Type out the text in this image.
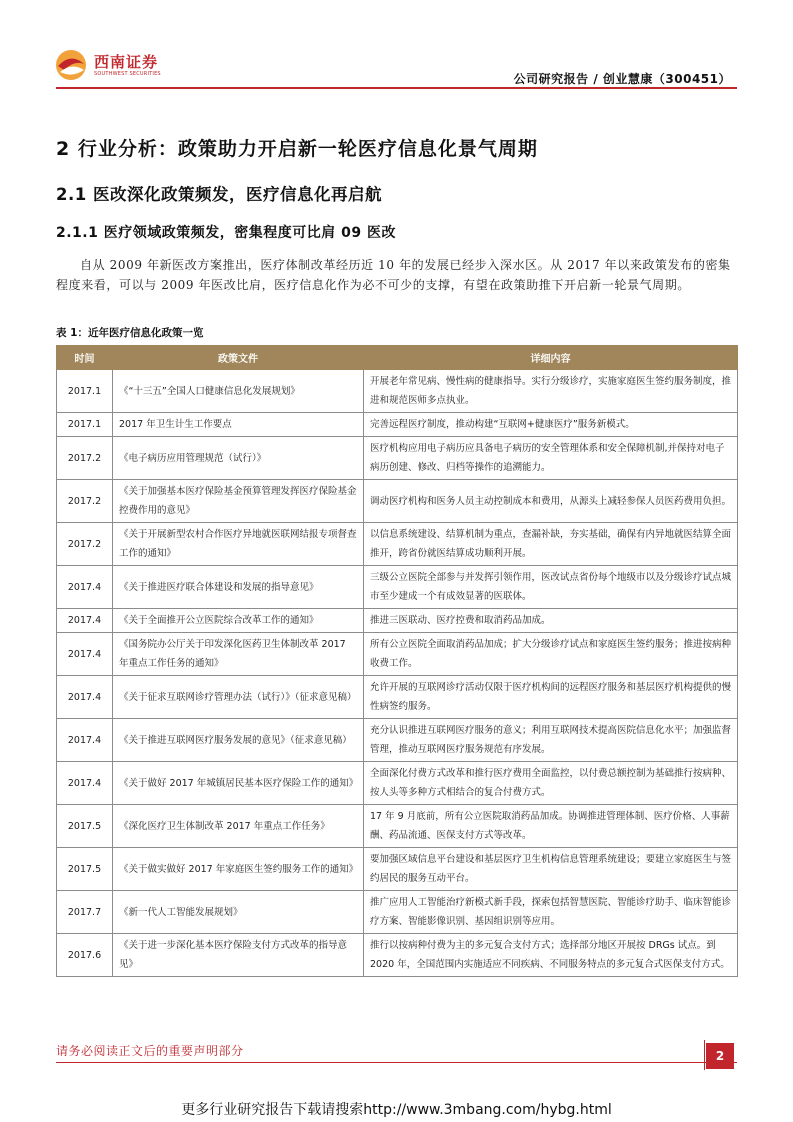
西南证券
SOUTHWEST SECURITIES	公司研究报告 / 创业慧康（300451）
2 行业分析：政策助力开启新一轮医疗信息化景气周期
2.1 医改深化政策频发，医疗信息化再启航
2.1.1 医疗领域政策频发，密集程度可比肩 09 医改

自从 2009 年新医改方案推出，医疗体制改革经历近 10 年的发展已经步入深水区。从 2017 年以来政策发布的密集程度来看，可以与 2009 年医改比肩，医疗信息化作为必不可少的支撑，有望在政策助推下开启新一轮景气周期。

表 1：近年医疗信息化政策一览
时间	政策文件	详细内容
2017.1	《“十三五”全国人口健康信息化发展规划》	开展老年常见病、慢性病的健康指导。实行分级诊疗，实施家庭医生签约服务制度，推进和规范医师多点执业。
2017.1	2017 年卫生计生工作要点	完善远程医疗制度，推动构建“互联网+健康医疗”服务新模式。
2017.2	《电子病历应用管理规范（试行）》	医疗机构应用电子病历应具备电子病历的安全管理体系和安全保障机制,并保持对电子病历创建、修改、归档等操作的追溯能力。
2017.2	《关于加强基本医疗保险基金预算管理发挥医疗保险基金控费作用的意见》	调动医疗机构和医务人员主动控制成本和费用，从源头上减轻参保人员医药费用负担。
2017.2	《关于开展新型农村合作医疗异地就医联网结报专项督查工作的通知》	以信息系统建设、结算机制为重点，查漏补缺，夯实基础，确保有内异地就医结算全面推开，跨省份就医结算成功顺利开展。
2017.4	《关于推进医疗联合体建设和发展的指导意见》	三级公立医院全部参与并发挥引领作用，医改试点省份每个地级市以及分级诊疗试点城市至少建成一个有成效显著的医联体。
2017.4	《关于全面推开公立医院综合改革工作的通知》	推进三医联动、医疗控费和取消药品加成。
2017.4	《国务院办公厅关于印发深化医药卫生体制改革 2017 年重点工作任务的通知》	所有公立医院全面取消药品加成；扩大分级诊疗试点和家庭医生签约服务；推进按病种收费工作。
2017.4	《关于征求互联网诊疗管理办法（试行）》（征求意见稿）	允许开展的互联网诊疗活动仅限于医疗机构间的远程医疗服务和基层医疗机构提供的慢性病签约服务。
2017.4	《关于推进互联网医疗服务发展的意见》（征求意见稿）	充分认识推进互联网医疗服务的意义；利用互联网技术提高医院信息化水平；加强监督管理，推动互联网医疗服务规范有序发展。
2017.4	《关于做好 2017 年城镇居民基本医疗保险工作的通知》	全面深化付费方式改革和推行医疗费用全面监控，以付费总额控制为基础推行按病种、按人头等多种方式相结合的复合付费方式。
2017.5	《深化医疗卫生体制改革 2017 年重点工作任务》	17 年 9 月底前，所有公立医院取消药品加成。协调推进管理体制、医疗价格、人事薪酬、药品流通、医保支付方式等改革。
2017.5	《关于做实做好 2017 年家庭医生签约服务工作的通知》	要加强区域信息平台建设和基层医疗卫生机构信息管理系统建设；要建立家庭医生与签约居民的服务互动平台。
2017.7	《新一代人工智能发展规划》	推广应用人工智能治疗新模式新手段，探索包括智慧医院、智能诊疗助手、临床智能诊疗方案、智能影像识别、基因组识别等应用。
2017.6	《关于进一步深化基本医疗保险支付方式改革的指导意见》	推行以按病种付费为主的多元复合支付方式；选择部分地区开展按 DRGs 试点。到 2020 年，全国范围内实施适应不同疾病、不同服务特点的多元复合式医保支付方式。
请务必阅读正文后的重要声明部分	2
更多行业研究报告下载请搜索http://www.3mbang.com/hybg.html
